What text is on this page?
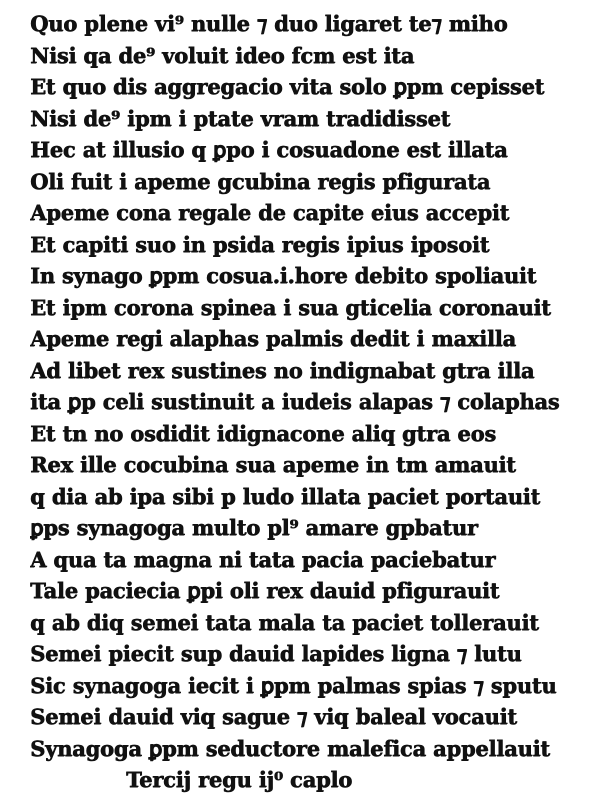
Quo plene vi⁹ nulle ⁊ duo ligaret te⁊ miho
Nisi qa de⁹ voluit ideo fcm est ita
Et quo dis aggregacio vita solo ꝑpm cepisset
Nisi de⁹ ipm i ptate vram tradidisset
Hec at illusio q ꝑpo i cosuadone est illata
Oli fuit i apeme gcubina regis pfigurata
Apeme cona regale de capite eius accepit
Et capiti suo in psida regis ipius iposoit
In synago ꝑpm cosua.i.hore debito spoliauit
Et ipm corona spinea i sua gticelia coronauit
Apeme regi alaphas palmis dedit i maxilla
Ad libet rex sustines no indignabat gtra illa
ita ꝑp celi sustinuit a iudeis alapas ⁊ colaphas
Et tn no osdidit idignacone aliq gtra eos
Rex ille cocubina sua apeme in tm amauit
q dia ab ipa sibi p ludo illata paciet portauit
ꝑps synagoga multo pl⁹ amare gpbatur
A qua ta magna ni tata pacia paciebatur
Tale paciecia ꝑpi oli rex dauid pfigurauit
q ab diq semei tata mala ta paciet tollerauit
Semei piecit sup dauid lapides ligna ⁊ lutu
Sic synagoga iecit i ꝑpm palmas spias ⁊ sputu
Semei dauid viq sague ⁊ viq baleal vocauit
Synagoga ꝑpm seductore malefica appellauit
Tercij regu ij⁰ caplo
